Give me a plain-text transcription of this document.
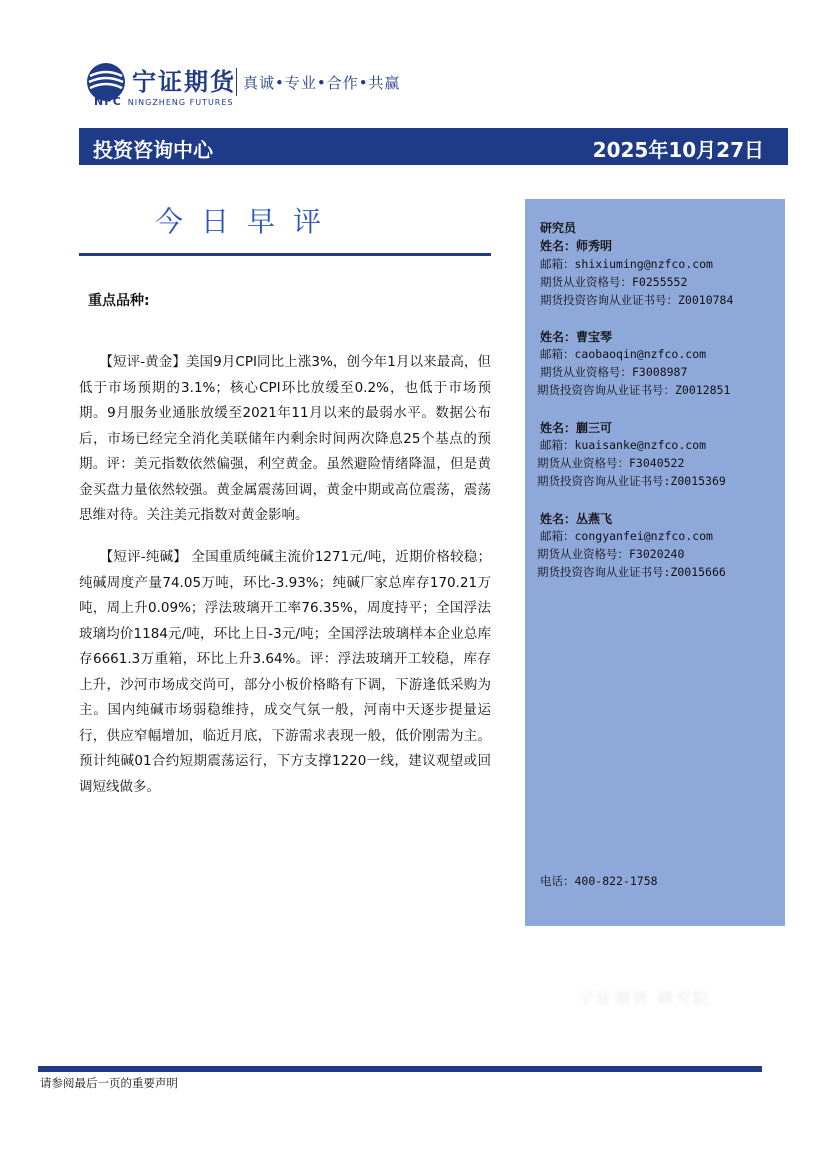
宁证期货
NFC NINGZHENG FUTURES
真诚•专业•合作•共赢
投资咨询中心	2025年10月27日
今日早评
重点品种:
　　【短评-黄金】美国9月CPI同比上涨3%，创今年1月以来最高，但低于市场预期的3.1%；核心CPI环比放缓至0.2%，也低于市场预期。9月服务业通胀放缓至2021年11月以来的最弱水平。数据公布后，市场已经完全消化美联储年内剩余时间两次降息25个基点的预期。评：美元指数依然偏强，利空黄金。虽然避险情绪降温，但是黄金买盘力量依然较强。黄金属震荡回调，黄金中期或高位震荡，震荡思维对待。关注美元指数对黄金影响。
　　【短评-纯碱】 全国重质纯碱主流价1271元/吨，近期价格较稳；纯碱周度产量74.05万吨，环比-3.93%；纯碱厂家总库存170.21万吨，周上升0.09%；浮法玻璃开工率76.35%，周度持平；全国浮法玻璃均价1184元/吨，环比上日-3元/吨；全国浮法玻璃样本企业总库存6661.3万重箱，环比上升3.64%。评：浮法玻璃开工较稳，库存上升，沙河市场成交尚可，部分小板价格略有下调，下游逢低采购为主。国内纯碱市场弱稳维持，成交气氛一般，河南中天逐步提量运行，供应窄幅增加，临近月底，下游需求表现一般，低价刚需为主。预计纯碱01合约短期震荡运行，下方支撑1220一线，建议观望或回调短线做多。
研究员
姓名：师秀明
邮箱：shixiuming@nzfco.com
期货从业资格号：F0255552
期货投资咨询从业证书号：Z0010784
姓名：曹宝琴
邮箱：caobaoqin@nzfco.com
期货从业资格号：F3008987
期货投资咨询从业证书号：Z0012851
姓名：蒯三可
邮箱：kuaisanke@nzfco.com
期货从业资格号：F3040522
期货投资咨询从业证书号:Z0015369
姓名：丛燕飞
邮箱：congyanfei@nzfco.com
期货从业资格号：F3020240
期货投资咨询从业证书号:Z0015666
电话：400-822-1758
宁证期货 研究院
请参阅最后一页的重要声明
